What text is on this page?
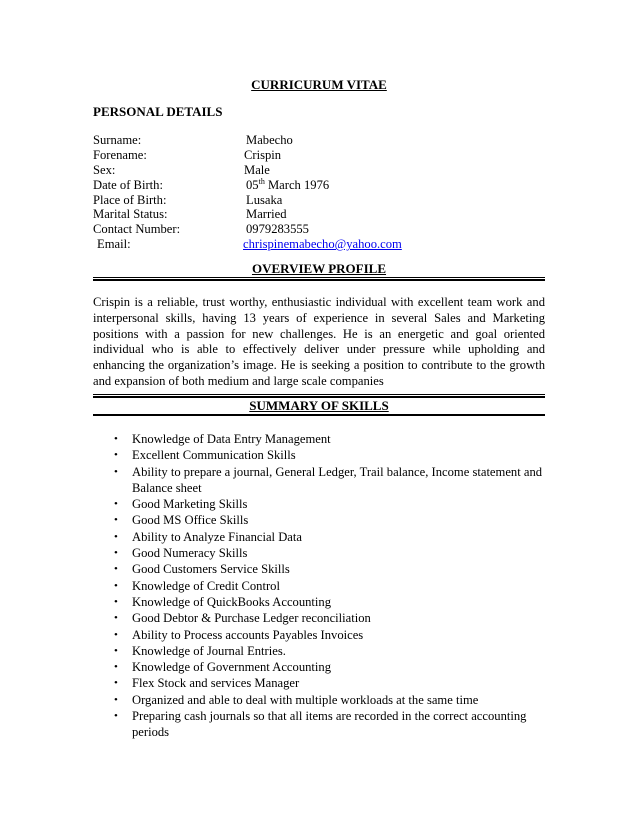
CURRICURUM VITAE
PERSONAL DETAILS
Surname:	Mabecho
Forename:	Crispin
Sex:	Male
Date of Birth:	05th March 1976
Place of Birth:	Lusaka
Marital Status:	Married
Contact Number:	0979283555
Email:	chrispinemabecho@yahoo.com
OVERVIEW PROFILE
Crispin is a reliable, trust worthy, enthusiastic individual with excellent team work and interpersonal skills, having 13 years of experience in several Sales and Marketing positions with a passion for new challenges. He is an energetic and goal oriented individual who is able to effectively deliver under pressure while upholding and enhancing the organization’s image. He is seeking a position to contribute to the growth and expansion of both medium and large scale companies
SUMMARY OF SKILLS
• Knowledge of Data Entry Management
• Excellent Communication Skills
• Ability to prepare a journal, General Ledger, Trail balance, Income statement and Balance sheet
• Good Marketing Skills
• Good MS Office Skills
• Ability to Analyze Financial Data
• Good Numeracy Skills
• Good Customers Service Skills
• Knowledge of Credit Control
• Knowledge of QuickBooks Accounting
• Good Debtor & Purchase Ledger reconciliation
• Ability to Process accounts Payables Invoices
• Knowledge of Journal Entries.
• Knowledge of Government Accounting
• Flex Stock and services Manager
• Organized and able to deal with multiple workloads at the same time
• Preparing cash journals so that all items are recorded in the correct accounting periods
